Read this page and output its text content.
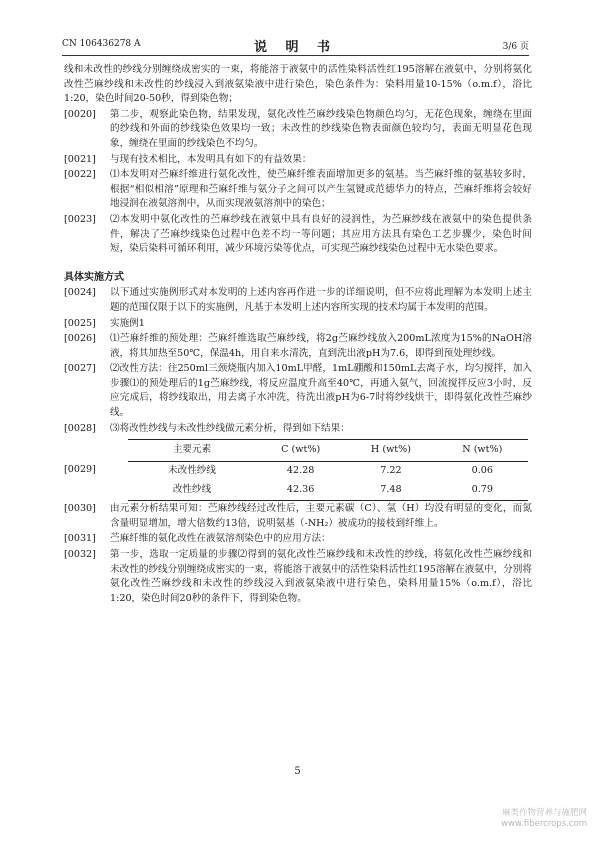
CN 106436278 A	说 明 书	3/6 页
线和未改性的纱线分别缠绕成密实的一束，将能溶于液氨中的活性染料活性红195溶解在液氨中，分别将氨化改性苎麻纱线和未改性的纱线浸入到液氨染液中进行染色，染色条件为：染料用量10-15%（o.m.f），浴比1:20，染色时间20-50秒，得到染色物；
[0020]	第二步，观察此染色物，结果发现，氨化改性苎麻纱线染色物颜色均匀，无花色现象，缠绕在里面的纱线和外面的纱线染色效果均一致；未改性的纱线染色物表面颜色较均匀，表面无明显花色现象，缠绕在里面的纱线染色不均匀。
[0021]	与现有技术相比，本发明具有如下的有益效果：
[0022]	⑴本发明对苎麻纤维进行氨化改性，使苎麻纤维表面增加更多的氨基。当苎麻纤维的氨基较多时，根据“相似相溶”原理和苎麻纤维与氨分子之间可以产生氢键或范德华力的特点，苎麻纤维将会较好地浸润在液氨溶剂中，从而实现液氨溶剂中的染色；
[0023]	⑵本发明中氨化改性的苎麻纱线在液氨中具有良好的浸润性，为苎麻纱线在液氨中的染色提供条件，解决了苎麻纱线染色过程中色差不均一等问题；其应用方法具有染色工艺步骤少，染色时间短，染后染料可循环利用，减少环境污染等优点，可实现苎麻纱线染色过程中无水染色要求。
具体实施方式
[0024]	以下通过实施例形式对本发明的上述内容再作进一步的详细说明，但不应将此理解为本发明上述主题的范围仅限于以下的实施例，凡基于本发明上述内容所实现的技术均属于本发明的范围。
[0025]	实施例1
[0026]	⑴苎麻纤维的预处理：苎麻纤维选取苎麻纱线，将2g苎麻纱线放入200mL浓度为15%的NaOH溶液，将其加热至50℃，保温4h，用自来水清洗，直到洗出液pH为7.6，即得到预处理纱线。
[0027]	⑵改性方法：往250ml三颈烧瓶内加入10mL甲醛，1mL硼酸和150mL去离子水，均匀搅拌，加入步骤⑴的预处理后的1g苎麻纱线，将反应温度升高至40℃，再通入氨气，回流搅拌反应3小时，反应完成后，将纱线取出，用去离子水冲洗，待洗出液pH为6-7时将纱线烘干，即得氨化改性苎麻纱线。
[0028]	⑶将改性纱线与未改性纱线做元素分析，得到如下结果：
[0029]
主要元素	C (wt%)	H (wt%)	N (wt%)
未改性纱线	42.28	7.22	0.06
改性纱线	42.36	7.48	0.79
[0030]	由元素分析结果可知：苎麻纱线经过改性后，主要元素碳（C）、氢（H）均没有明显的变化，而氮含量明显增加，增大倍数约13倍，说明氨基（-NH₂）被成功的接枝到纤维上。
[0031]	苎麻纤维的氨化改性在液氨溶剂染色中的应用方法：
[0032]	第一步，选取一定质量的步骤⑵得到的氨化改性苎麻纱线和未改性的纱线，将氨化改性苎麻纱线和未改性的纱线分别缠绕成密实的一束，将能溶于液氨中的活性染料活性红195溶解在液氨中，分别将氨化改性苎麻纱线和未改性的纱线浸入到液氨染液中进行染色，染料用量15%（o.m.f），浴比1:20，染色时间20秒的条件下，得到染色物。
5
麻类作物营养与施肥网
www.fibercrops.com
